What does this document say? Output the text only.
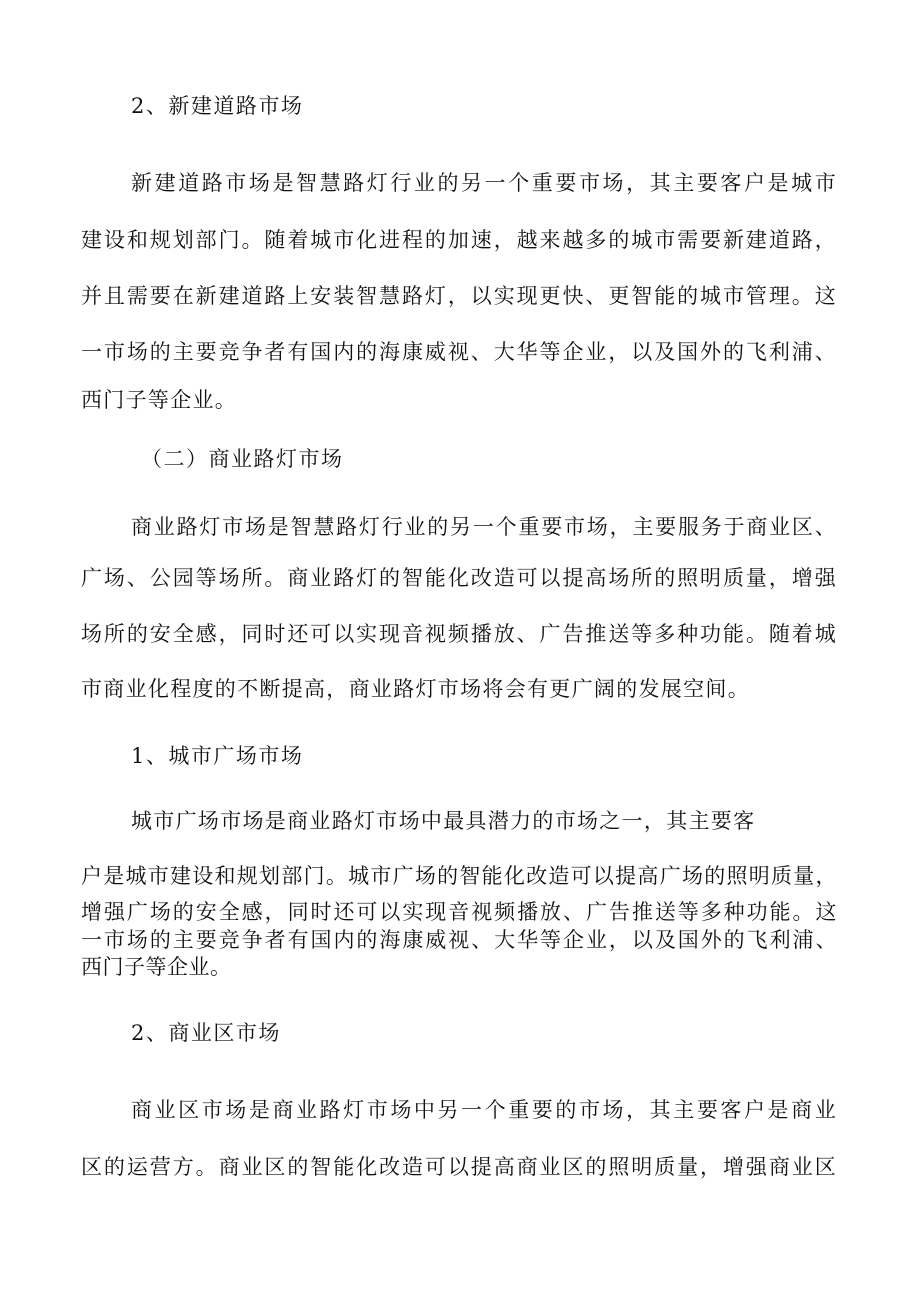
2、新建道路市场
新建道路市场是智慧路灯行业的另一个重要市场，其主要客户是城市
建设和规划部门。随着城市化进程的加速，越来越多的城市需要新建道路，
并且需要在新建道路上安装智慧路灯，以实现更快、更智能的城市管理。这
一市场的主要竞争者有国内的海康威视、大华等企业，以及国外的飞利浦、
西门子等企业。
（二）商业路灯市场
商业路灯市场是智慧路灯行业的另一个重要市场，主要服务于商业区、
广场、公园等场所。商业路灯的智能化改造可以提高场所的照明质量，增强
场所的安全感，同时还可以实现音视频播放、广告推送等多种功能。随着城
市商业化程度的不断提高，商业路灯市场将会有更广阔的发展空间。
1、城市广场市场
城市广场市场是商业路灯市场中最具潜力的市场之一，其主要客
户是城市建设和规划部门。城市广场的智能化改造可以提高广场的照明质量，
增强广场的安全感，同时还可以实现音视频播放、广告推送等多种功能。这
一市场的主要竞争者有国内的海康威视、大华等企业，以及国外的飞利浦、
西门子等企业。
2、商业区市场
商业区市场是商业路灯市场中另一个重要的市场，其主要客户是商业
区的运营方。商业区的智能化改造可以提高商业区的照明质量，增强商业区
